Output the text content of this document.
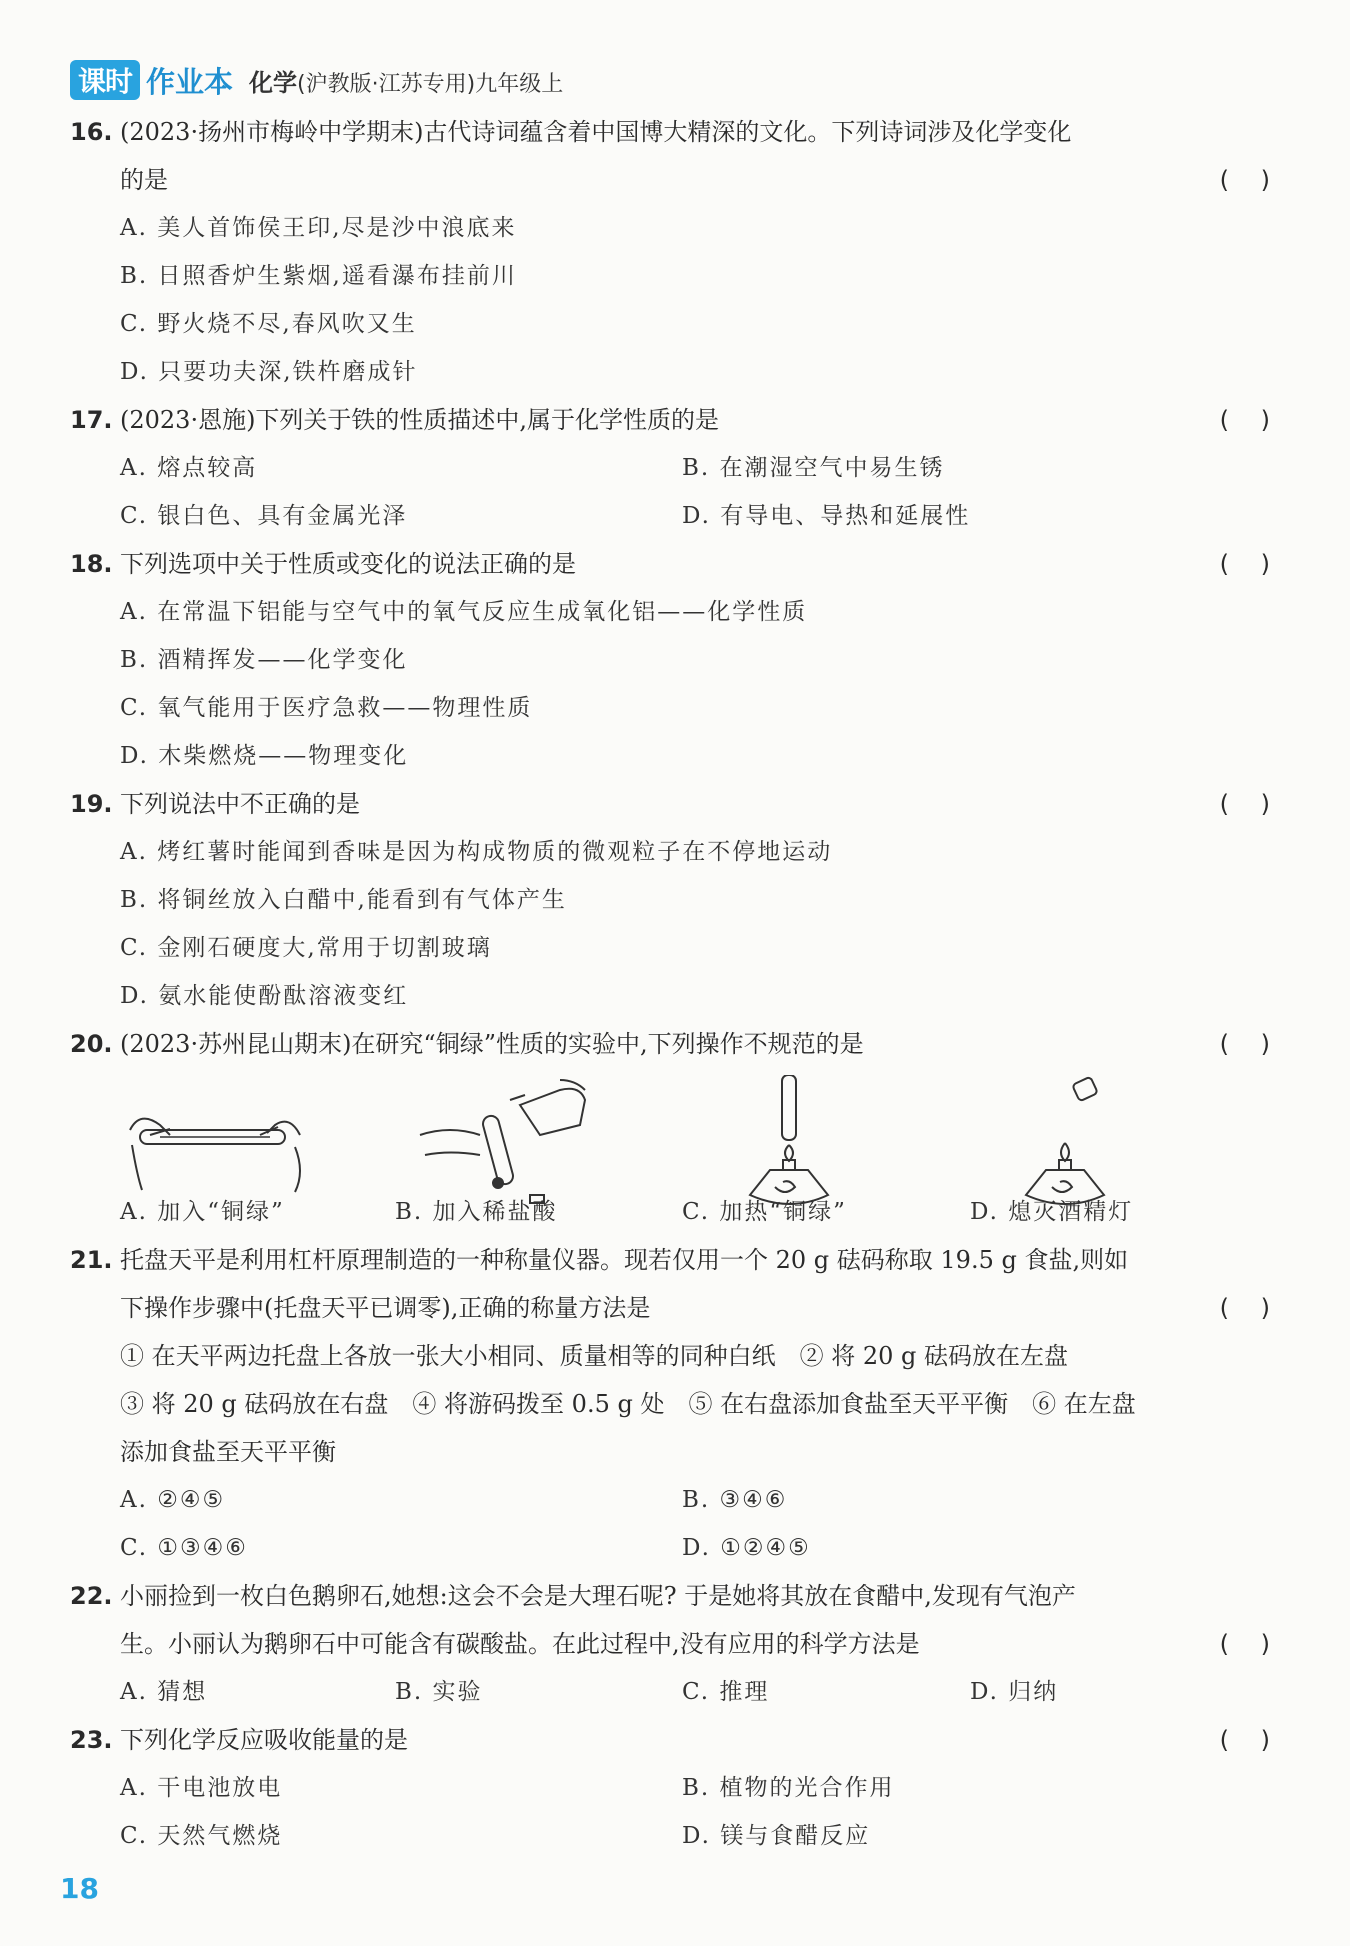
课时 作业本 化学(沪教版·江苏专用)九年级上
16. (2023·扬州市梅岭中学期末)古代诗词蕴含着中国博大精深的文化。下列诗词涉及化学变化
的是	(　 )
A. 美人首饰侯王印,尽是沙中浪底来
B. 日照香炉生紫烟,遥看瀑布挂前川
C. 野火烧不尽,春风吹又生
D. 只要功夫深,铁杵磨成针
17. (2023·恩施)下列关于铁的性质描述中,属于化学性质的是	(　 )
A. 熔点较高	B. 在潮湿空气中易生锈
C. 银白色、具有金属光泽	D. 有导电、导热和延展性
18. 下列选项中关于性质或变化的说法正确的是	(　 )
A. 在常温下铝能与空气中的氧气反应生成氧化铝——化学性质
B. 酒精挥发——化学变化
C. 氧气能用于医疗急救——物理性质
D. 木柴燃烧——物理变化
19. 下列说法中不正确的是	(　 )
A. 烤红薯时能闻到香味是因为构成物质的微观粒子在不停地运动
B. 将铜丝放入白醋中,能看到有气体产生
C. 金刚石硬度大,常用于切割玻璃
D. 氨水能使酚酞溶液变红
20. (2023·苏州昆山期末)在研究“铜绿”性质的实验中,下列操作不规范的是	(　 )
A. 加入“铜绿”	B. 加入稀盐酸	C. 加热“铜绿”	D. 熄灭酒精灯
21. 托盘天平是利用杠杆原理制造的一种称量仪器。现若仅用一个 20 g 砝码称取 19.5 g 食盐,则如
下操作步骤中(托盘天平已调零),正确的称量方法是	(　 )
① 在天平两边托盘上各放一张大小相同、质量相等的同种白纸　② 将 20 g 砝码放在左盘
③ 将 20 g 砝码放在右盘　④ 将游码拨至 0.5 g 处　⑤ 在右盘添加食盐至天平平衡　⑥ 在左盘
添加食盐至天平平衡
A. ②④⑤	B. ③④⑥
C. ①③④⑥	D. ①②④⑤
22. 小丽捡到一枚白色鹅卵石,她想:这会不会是大理石呢? 于是她将其放在食醋中,发现有气泡产
生。小丽认为鹅卵石中可能含有碳酸盐。在此过程中,没有应用的科学方法是	(　 )
A. 猜想	B. 实验	C. 推理	D. 归纳
23. 下列化学反应吸收能量的是	(　 )
A. 干电池放电	B. 植物的光合作用
C. 天然气燃烧	D. 镁与食醋反应
18
